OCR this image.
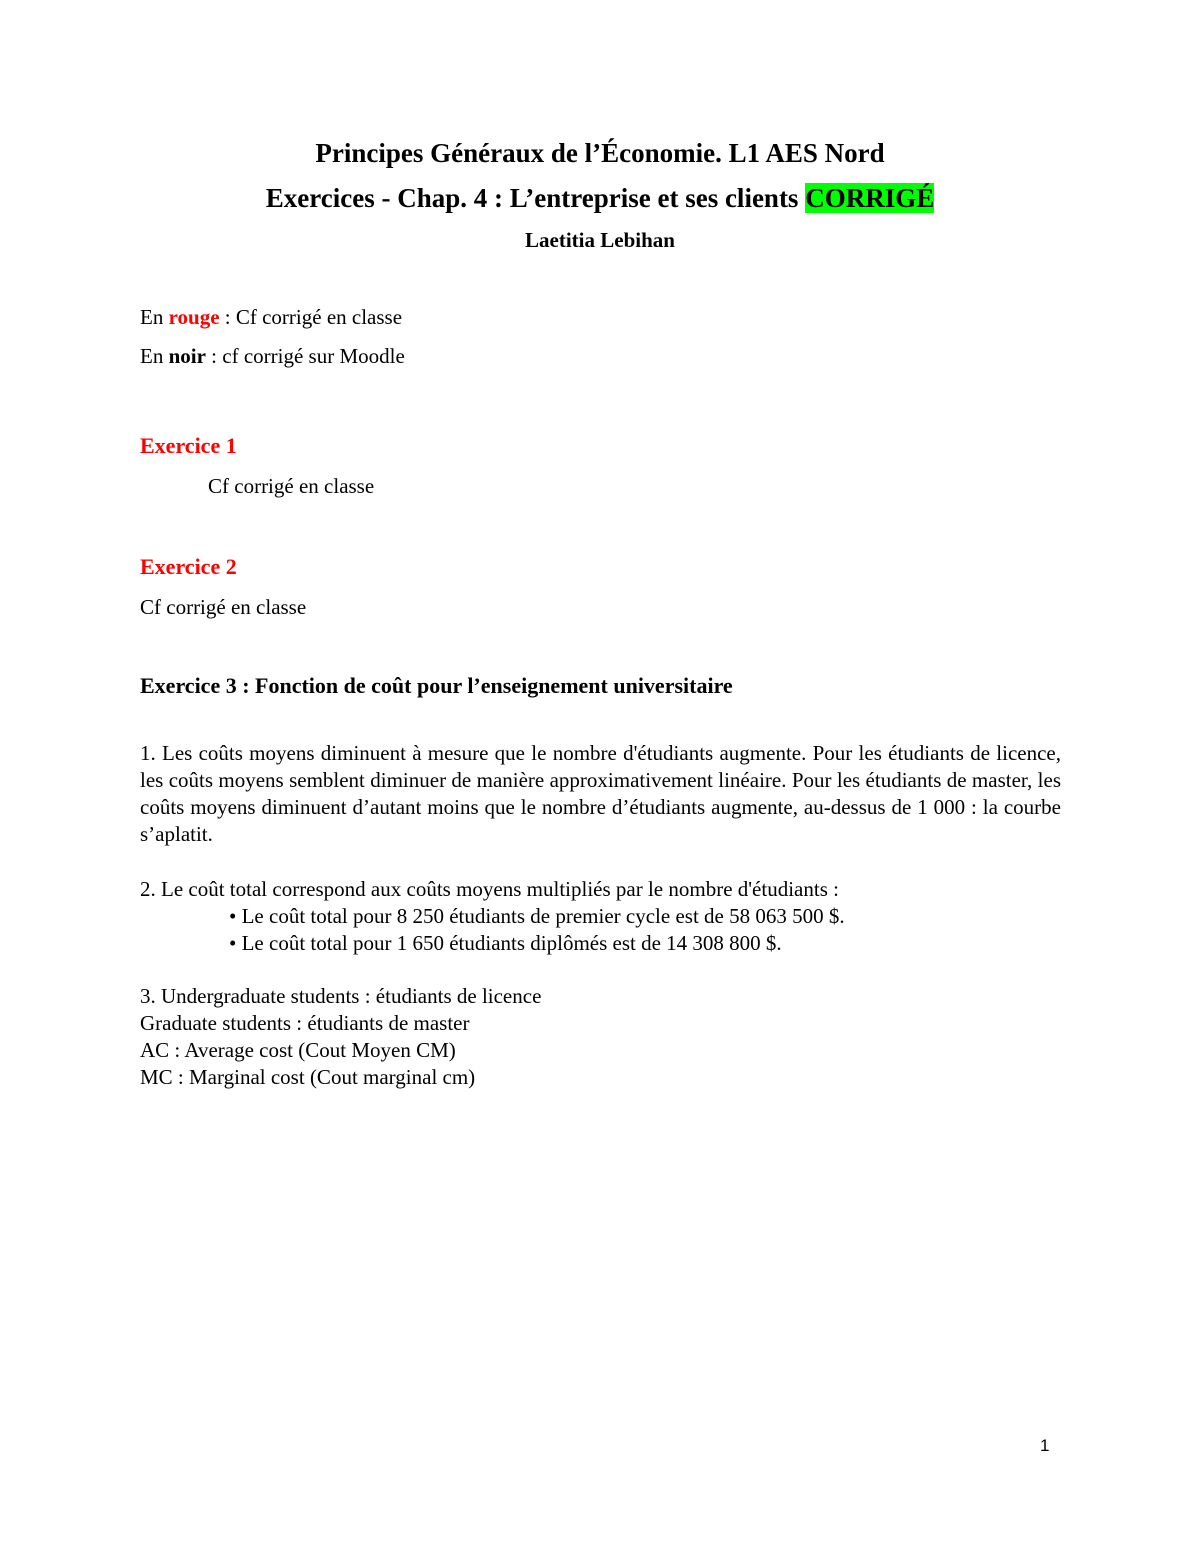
Principes Généraux de l’Économie. L1 AES Nord
Exercices - Chap. 4 : L’entreprise et ses clients CORRIGÉ
Laetitia Lebihan
En rouge : Cf corrigé en classe
En noir : cf corrigé sur Moodle
Exercice 1
Cf corrigé en classe
Exercice 2
Cf corrigé en classe
Exercice 3 : Fonction de coût pour l’enseignement universitaire
1. Les coûts moyens diminuent à mesure que le nombre d'étudiants augmente. Pour les étudiants de licence, les coûts moyens semblent diminuer de manière approximativement linéaire. Pour les étudiants de master, les coûts moyens diminuent d’autant moins que le nombre d’étudiants augmente, au-dessus de 1 000 : la courbe s’aplatit.
2. Le coût total correspond aux coûts moyens multipliés par le nombre d'étudiants :
• Le coût total pour 8 250 étudiants de premier cycle est de 58 063 500 $.
• Le coût total pour 1 650 étudiants diplômés est de 14 308 800 $.
3. Undergraduate students : étudiants de licence
Graduate students : étudiants de master
AC : Average cost (Cout Moyen CM)
MC : Marginal cost (Cout marginal cm)
1
